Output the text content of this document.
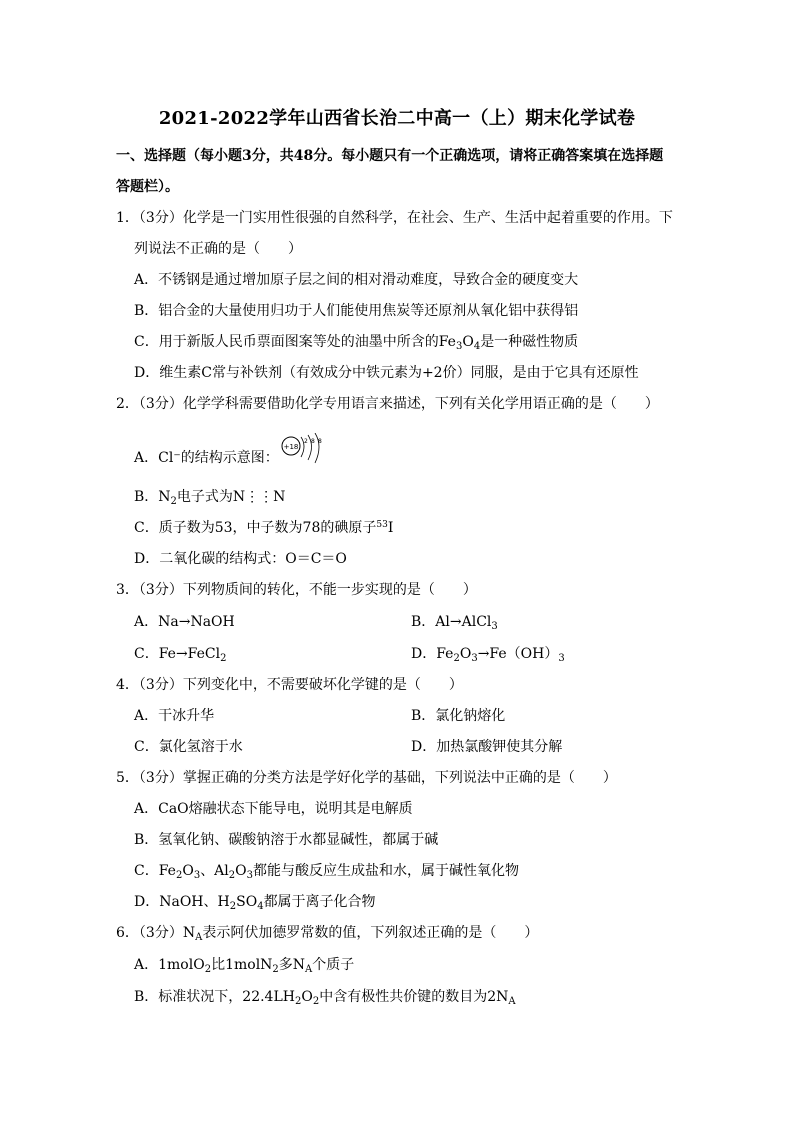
2021-2022学年山西省长治二中高一（上）期末化学试卷
一、选择题（每小题3分，共48分。每小题只有一个正确选项，请将正确答案填在选择题
答题栏）。
1．（3分）化学是一门实用性很强的自然科学，在社会、生产、生活中起着重要的作用。下
列说法不正确的是（　　）
A．不锈钢是通过增加原子层之间的相对滑动难度，导致合金的硬度变大
B．铝合金的大量使用归功于人们能使用焦炭等还原剂从氧化铝中获得铝
C．用于新版人民币票面图案等处的油墨中所含的$Fe_3O_4$是一种磁性物质
D．维生素C常与补铁剂（有效成分中铁元素为+2价）同服，是由于它具有还原性
2．（3分）化学学科需要借助化学专用语言来描述，下列有关化学用语正确的是（　　）
A．Cl⁻的结构示意图：
+18
2 8 8
B．$N_2$电子式为N⋮⋮N
C．质子数为53，中子数为78的碘原子$^{53}$I
D．二氧化碳的结构式：O＝C＝O
3．（3分）下列物质间的转化，不能一步实现的是（　　）
A．Na→NaOH	B．Al→AlCl$_3$
C．Fe→FeCl$_2$	D．$Fe_2O_3\to Fe(OH)_3$
4．（3分）下列变化中，不需要破坏化学键的是（　　）
A．干冰升华	B．氯化钠熔化
C．氯化氢溶于水	D．加热氯酸钾使其分解
5．（3分）掌握正确的分类方法是学好化学的基础，下列说法中正确的是（　　）
A．CaO熔融状态下能导电，说明其是电解质
B．氢氧化钠、碳酸钠溶于水都显碱性，都属于碱
C．$Fe_2O_3$、$Al_2O_3$都能与酸反应生成盐和水，属于碱性氧化物
D．NaOH、$H_2SO_4$都属于离子化合物
6．（3分）$N_A$表示阿伏加德罗常数的值，下列叙述正确的是（　　）
A．1molO$_2$比1molN$_2$多$N_A$个质子
B．标准状况下，$22.4LH_2O_2$中含有极性共价键的数目为$2N_A$
